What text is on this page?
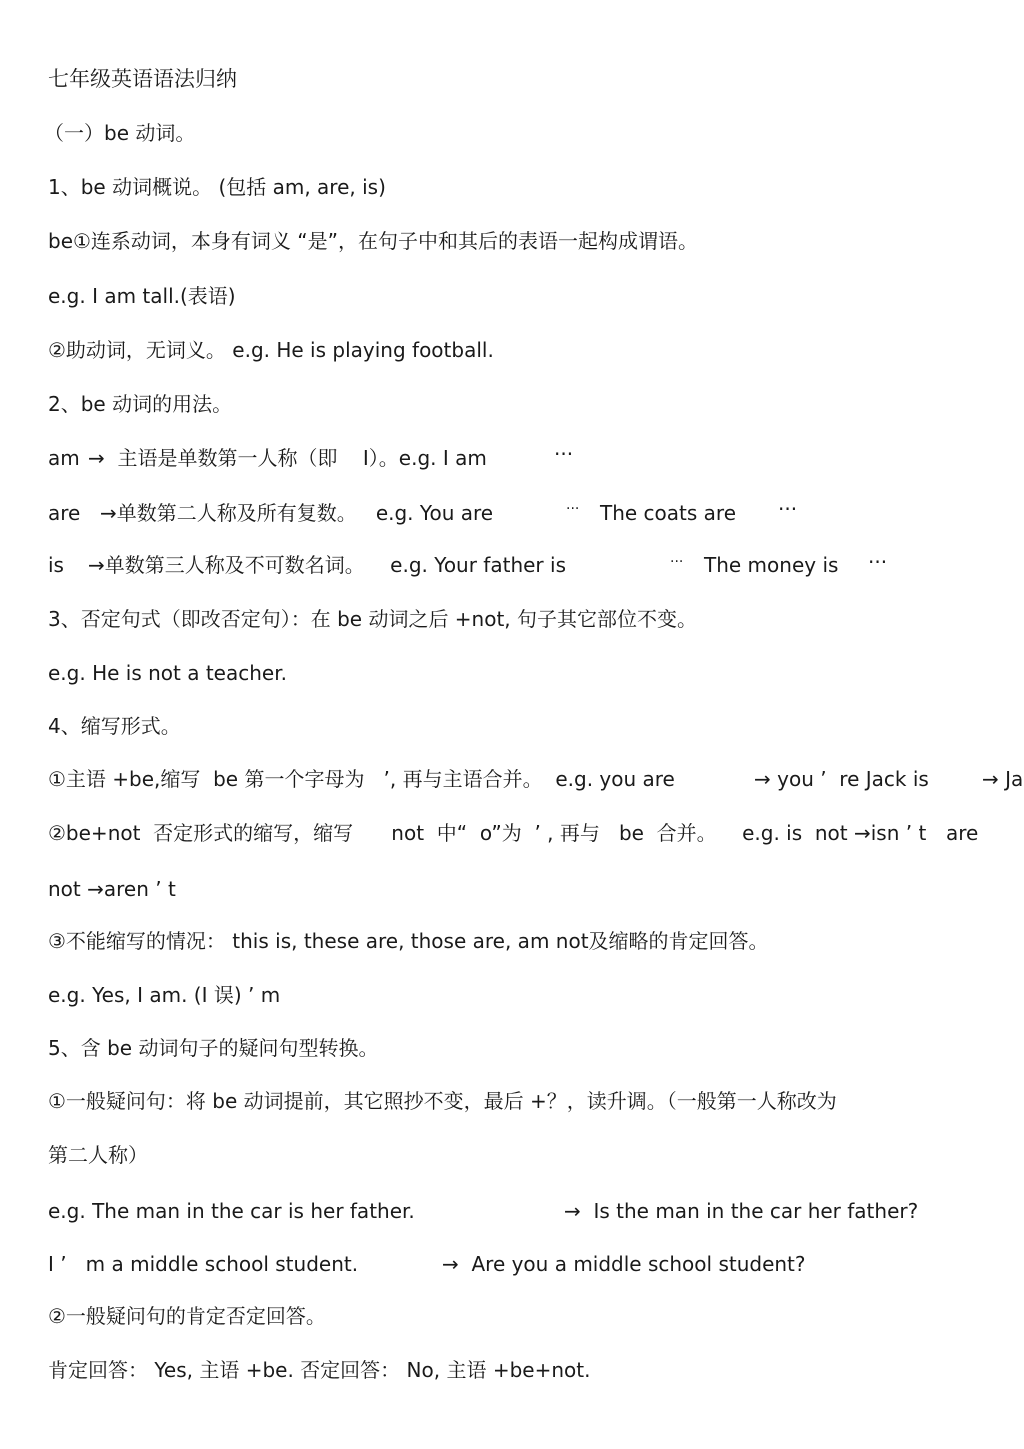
七年级英语语法归纳
（一）be 动词。
1、be 动词概说。 (包括 am, are, is)
be①连系动词，本身有词义 “是”，在句子中和其后的表语一起构成谓语。
e.g. I am tall.(表语)
②助动词，无词义。 e.g. He is playing football.
2、be 动词的用法。
am →  主语是单数第一人称（即    I）。e.g. I am	···
are →单数第二人称及所有复数。   e.g. You are	··· The coats are ···
is →单数第三人称及不可数名词。    e.g. Your father is	··· The money is ···
3、否定句式（即改否定句）：在 be 动词之后 +not, 句子其它部位不变。
e.g. He is not a teacher.
4、缩写形式。
①主语 +be,缩写  be 第一个字母为   ’, 再与主语合并。  e.g. you are	→ you ’  re Jack is	→ Ja
②be+not  否定形式的缩写，缩写      not  中“  o”为  ’ , 再与   be  合并。    e.g. is  not →isn ’ t are
not →aren ’ t
③不能缩写的情况： this is, these are, those are, am not及缩略的肯定回答。
e.g. Yes, I am. (I 误) ’ m
5、含 be 动词句子的疑问句型转换。
①一般疑问句：将 be 动词提前，其它照抄不变，最后 +？，读升调。（一般第一人称改为
第二人称）
e.g. The man in the car is her father.	→  Is the man in the car her father?
I ’   m a middle school student.	→  Are you a middle school student?
②一般疑问句的肯定否定回答。
肯定回答： Yes, 主语 +be. 否定回答： No, 主语 +be+not.
